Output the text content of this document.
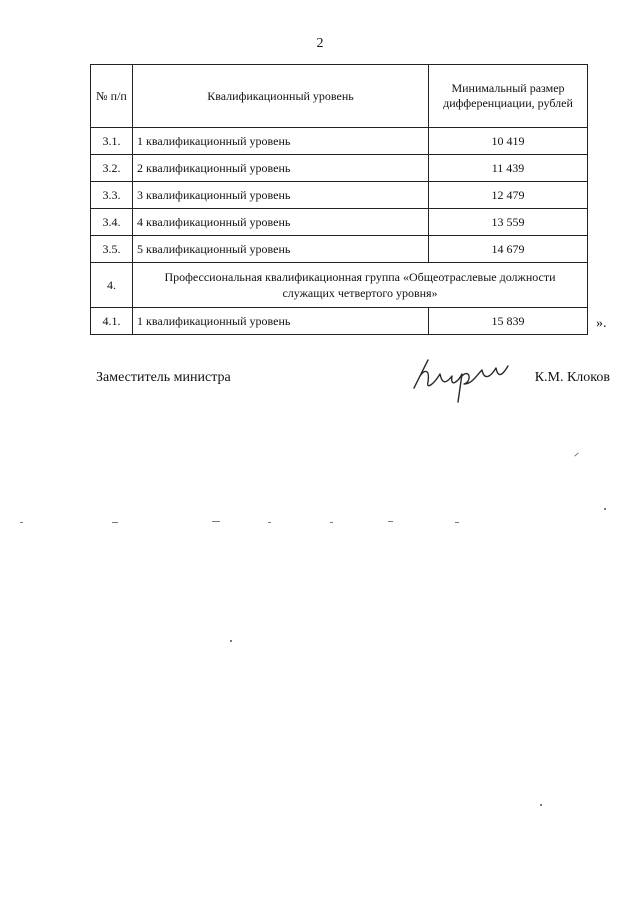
2
№ п/п	Квалификационный уровень	Минимальный размер
дифференциации, рублей

3.1.	1 квалификационный уровень	10 419
3.2.	2 квалификационный уровень	11 439
3.3.	3 квалификационный уровень	12 479
3.4.	4 квалификационный уровень	13 559
3.5.	5 квалификационный уровень	14 679
4.	Профессиональная квалификационная группа «Общеотраслевые должности
служащих четвертого уровня»	

4.1.	1 квалификационный уровень	15 839	».
Заместитель министра	К.М. Клоков
